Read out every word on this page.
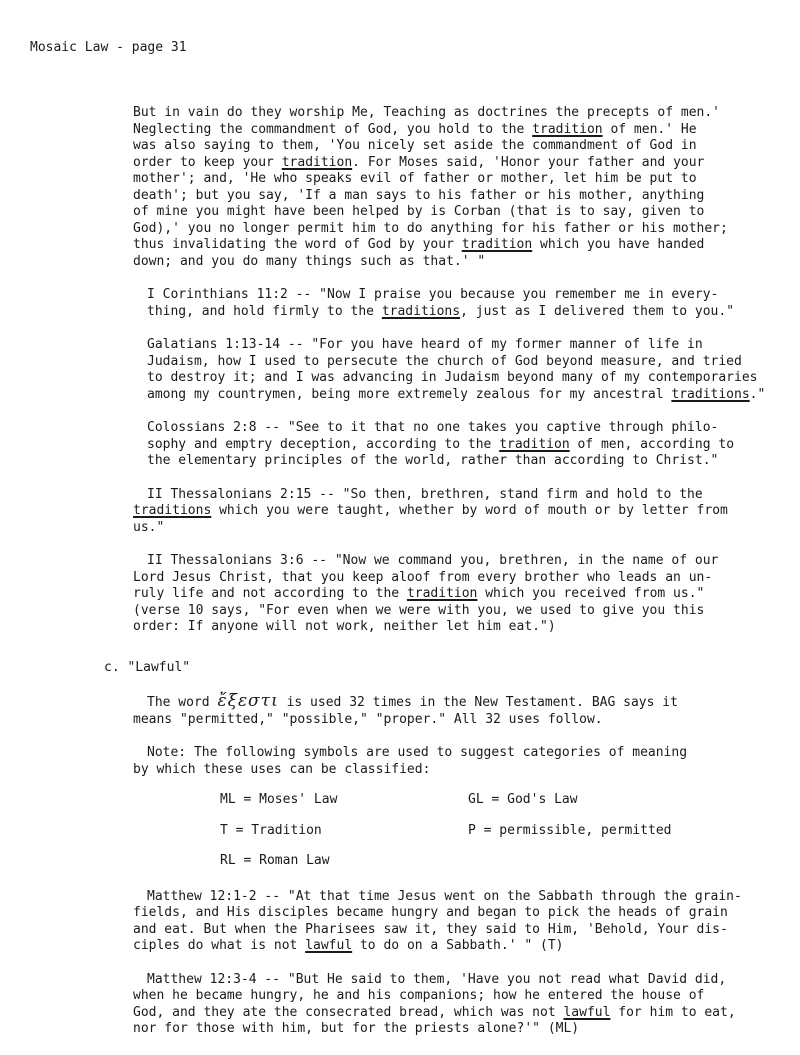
Mosaic Law - page 31
But in vain do they worship Me, Teaching as doctrines the precepts of men.'
Neglecting the commandment of God, you hold to the tradition of men.' He
was also saying to them, 'You nicely set aside the commandment of God in
order to keep your tradition. For Moses said, 'Honor your father and your
mother'; and, 'He who speaks evil of father or mother, let him be put to
death'; but you say, 'If a man says to his father or his mother, anything
of mine you might have been helped by is Corban (that is to say, given to
God),' you no longer permit him to do anything for his father or his mother;
thus invalidating the word of God by your tradition which you have handed
down; and you do many things such as that.' "
I Corinthians 11:2 -- "Now I praise you because you remember me in every-
thing, and hold firmly to the traditions, just as I delivered them to you."
Galatians 1:13-14 -- "For you have heard of my former manner of life in
Judaism, how I used to persecute the church of God beyond measure, and tried
to destroy it; and I was advancing in Judaism beyond many of my contemporaries
among my countrymen, being more extremely zealous for my ancestral traditions."
Colossians 2:8 -- "See to it that no one takes you captive through philo-
sophy and emptry deception, according to the tradition of men, according to
the elementary principles of the world, rather than according to Christ."
II Thessalonians 2:15 -- "So then, brethren, stand firm and hold to the
traditions which you were taught, whether by word of mouth or by letter from
us."
II Thessalonians 3:6 -- "Now we command you, brethren, in the name of our
Lord Jesus Christ, that you keep aloof from every brother who leads an un-
ruly life and not according to the tradition which you received from us."
(verse 10 says, "For even when we were with you, we used to give you this
order: If anyone will not work, neither let him eat.")
c. "Lawful"
The word ἔξεστι is used 32 times in the New Testament. BAG says it
means "permitted," "possible," "proper." All 32 uses follow.
Note: The following symbols are used to suggest categories of meaning
by which these uses can be classified:
ML = Moses' Law	GL = God's Law
T = Tradition	P = permissible, permitted
RL = Roman Law
Matthew 12:1-2 -- "At that time Jesus went on the Sabbath through the grain-
fields, and His disciples became hungry and began to pick the heads of grain
and eat. But when the Pharisees saw it, they said to Him, 'Behold, Your dis-
ciples do what is not lawful to do on a Sabbath.' " (T)
Matthew 12:3-4 -- "But He said to them, 'Have you not read what David did,
when he became hungry, he and his companions; how he entered the house of
God, and they ate the consecrated bread, which was not lawful for him to eat,
nor for those with him, but for the priests alone?'" (ML)
